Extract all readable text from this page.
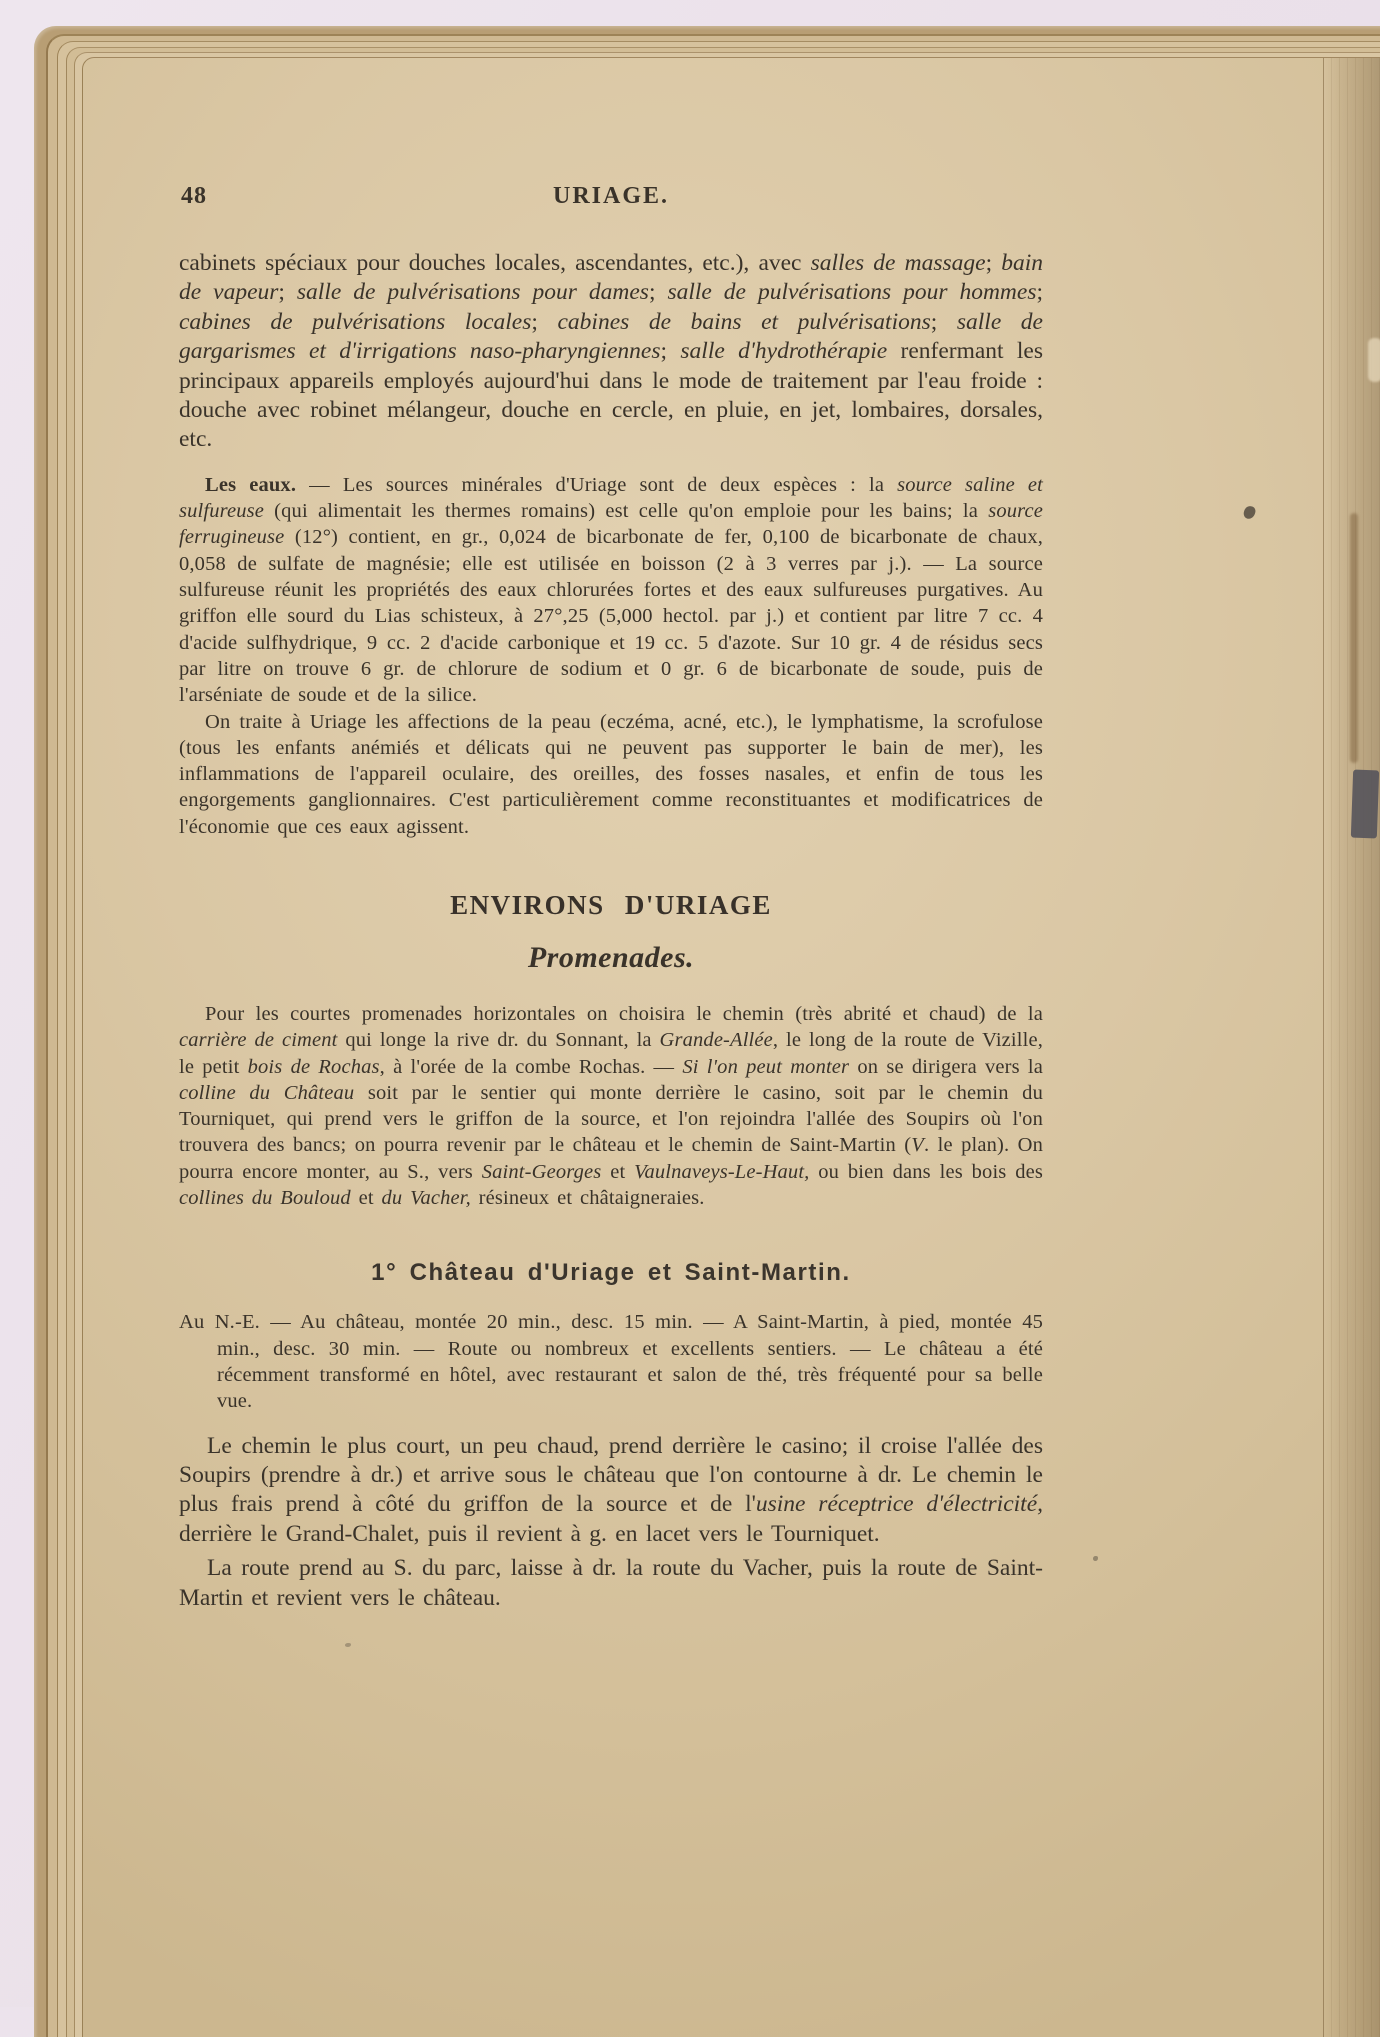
48	URIAGE.

cabinets spéciaux pour douches locales, ascendantes, etc.), avec salles de massage; bain de vapeur; salle de pulvérisations pour dames; salle de pulvérisations pour hommes; cabines de pulvérisations locales; cabines de bains et pulvérisations; salle de gargarismes et d'irrigations naso-pharyngiennes; salle d'hydrothérapie renfermant les principaux appareils employés aujourd'hui dans le mode de traitement par l'eau froide : douche avec robinet mélangeur, douche en cercle, en pluie, en jet, lombaires, dorsales, etc.

Les eaux. — Les sources minérales d'Uriage sont de deux espèces : la source saline et sulfureuse (qui alimentait les thermes romains) est celle qu'on emploie pour les bains; la source ferrugineuse (12°) contient, en gr., 0,024 de bicarbonate de fer, 0,100 de bicarbonate de chaux, 0,058 de sulfate de magnésie; elle est utilisée en boisson (2 à 3 verres par j.). — La source sulfureuse réunit les propriétés des eaux chlorurées fortes et des eaux sulfureuses purgatives. Au griffon elle sourd du Lias schisteux, à 27°,25 (5,000 hectol. par j.) et contient par litre 7 cc. 4 d'acide sulfhydrique, 9 cc. 2 d'acide carbonique et 19 cc. 5 d'azote. Sur 10 gr. 4 de résidus secs par litre on trouve 6 gr. de chlorure de sodium et 0 gr. 6 de bicarbonate de soude, puis de l'arséniate de soude et de la silice.

On traite à Uriage les affections de la peau (eczéma, acné, etc.), le lymphatisme, la scrofulose (tous les enfants anémiés et délicats qui ne peuvent pas supporter le bain de mer), les inflammations de l'appareil oculaire, des oreilles, des fosses nasales, et enfin de tous les engorgements ganglionnaires. C'est particulièrement comme reconstituantes et modificatrices de l'économie que ces eaux agissent.

ENVIRONS D'URIAGE
Promenades.

Pour les courtes promenades horizontales on choisira le chemin (très abrité et chaud) de la carrière de ciment qui longe la rive dr. du Sonnant, la Grande-Allée, le long de la route de Vizille, le petit bois de Rochas, à l'orée de la combe Rochas. — Si l'on peut monter on se dirigera vers la colline du Château soit par le sentier qui monte derrière le casino, soit par le chemin du Tourniquet, qui prend vers le griffon de la source, et l'on rejoindra l'allée des Soupirs où l'on trouvera des bancs; on pourra revenir par le château et le chemin de Saint-Martin (V. le plan). On pourra encore monter, au S., vers Saint-Georges et Vaulnaveys-Le-Haut, ou bien dans les bois des collines du Bouloud et du Vacher, résineux et châtaigneraies.

1° Château d'Uriage et Saint-Martin.

Au N.-E. — Au château, montée 20 min., desc. 15 min. — A Saint-Martin, à pied, montée 45 min., desc. 30 min. — Route ou nombreux et excellents sentiers. — Le château a été récemment transformé en hôtel, avec restaurant et salon de thé, très fréquenté pour sa belle vue.

Le chemin le plus court, un peu chaud, prend derrière le casino; il croise l'allée des Soupirs (prendre à dr.) et arrive sous le château que l'on contourne à dr. Le chemin le plus frais prend à côté du griffon de la source et de l'usine réceptrice d'électricité, derrière le Grand-Chalet, puis il revient à g. en lacet vers le Tourniquet.

La route prend au S. du parc, laisse à dr. la route du Vacher, puis la route de Saint-Martin et revient vers le château.
